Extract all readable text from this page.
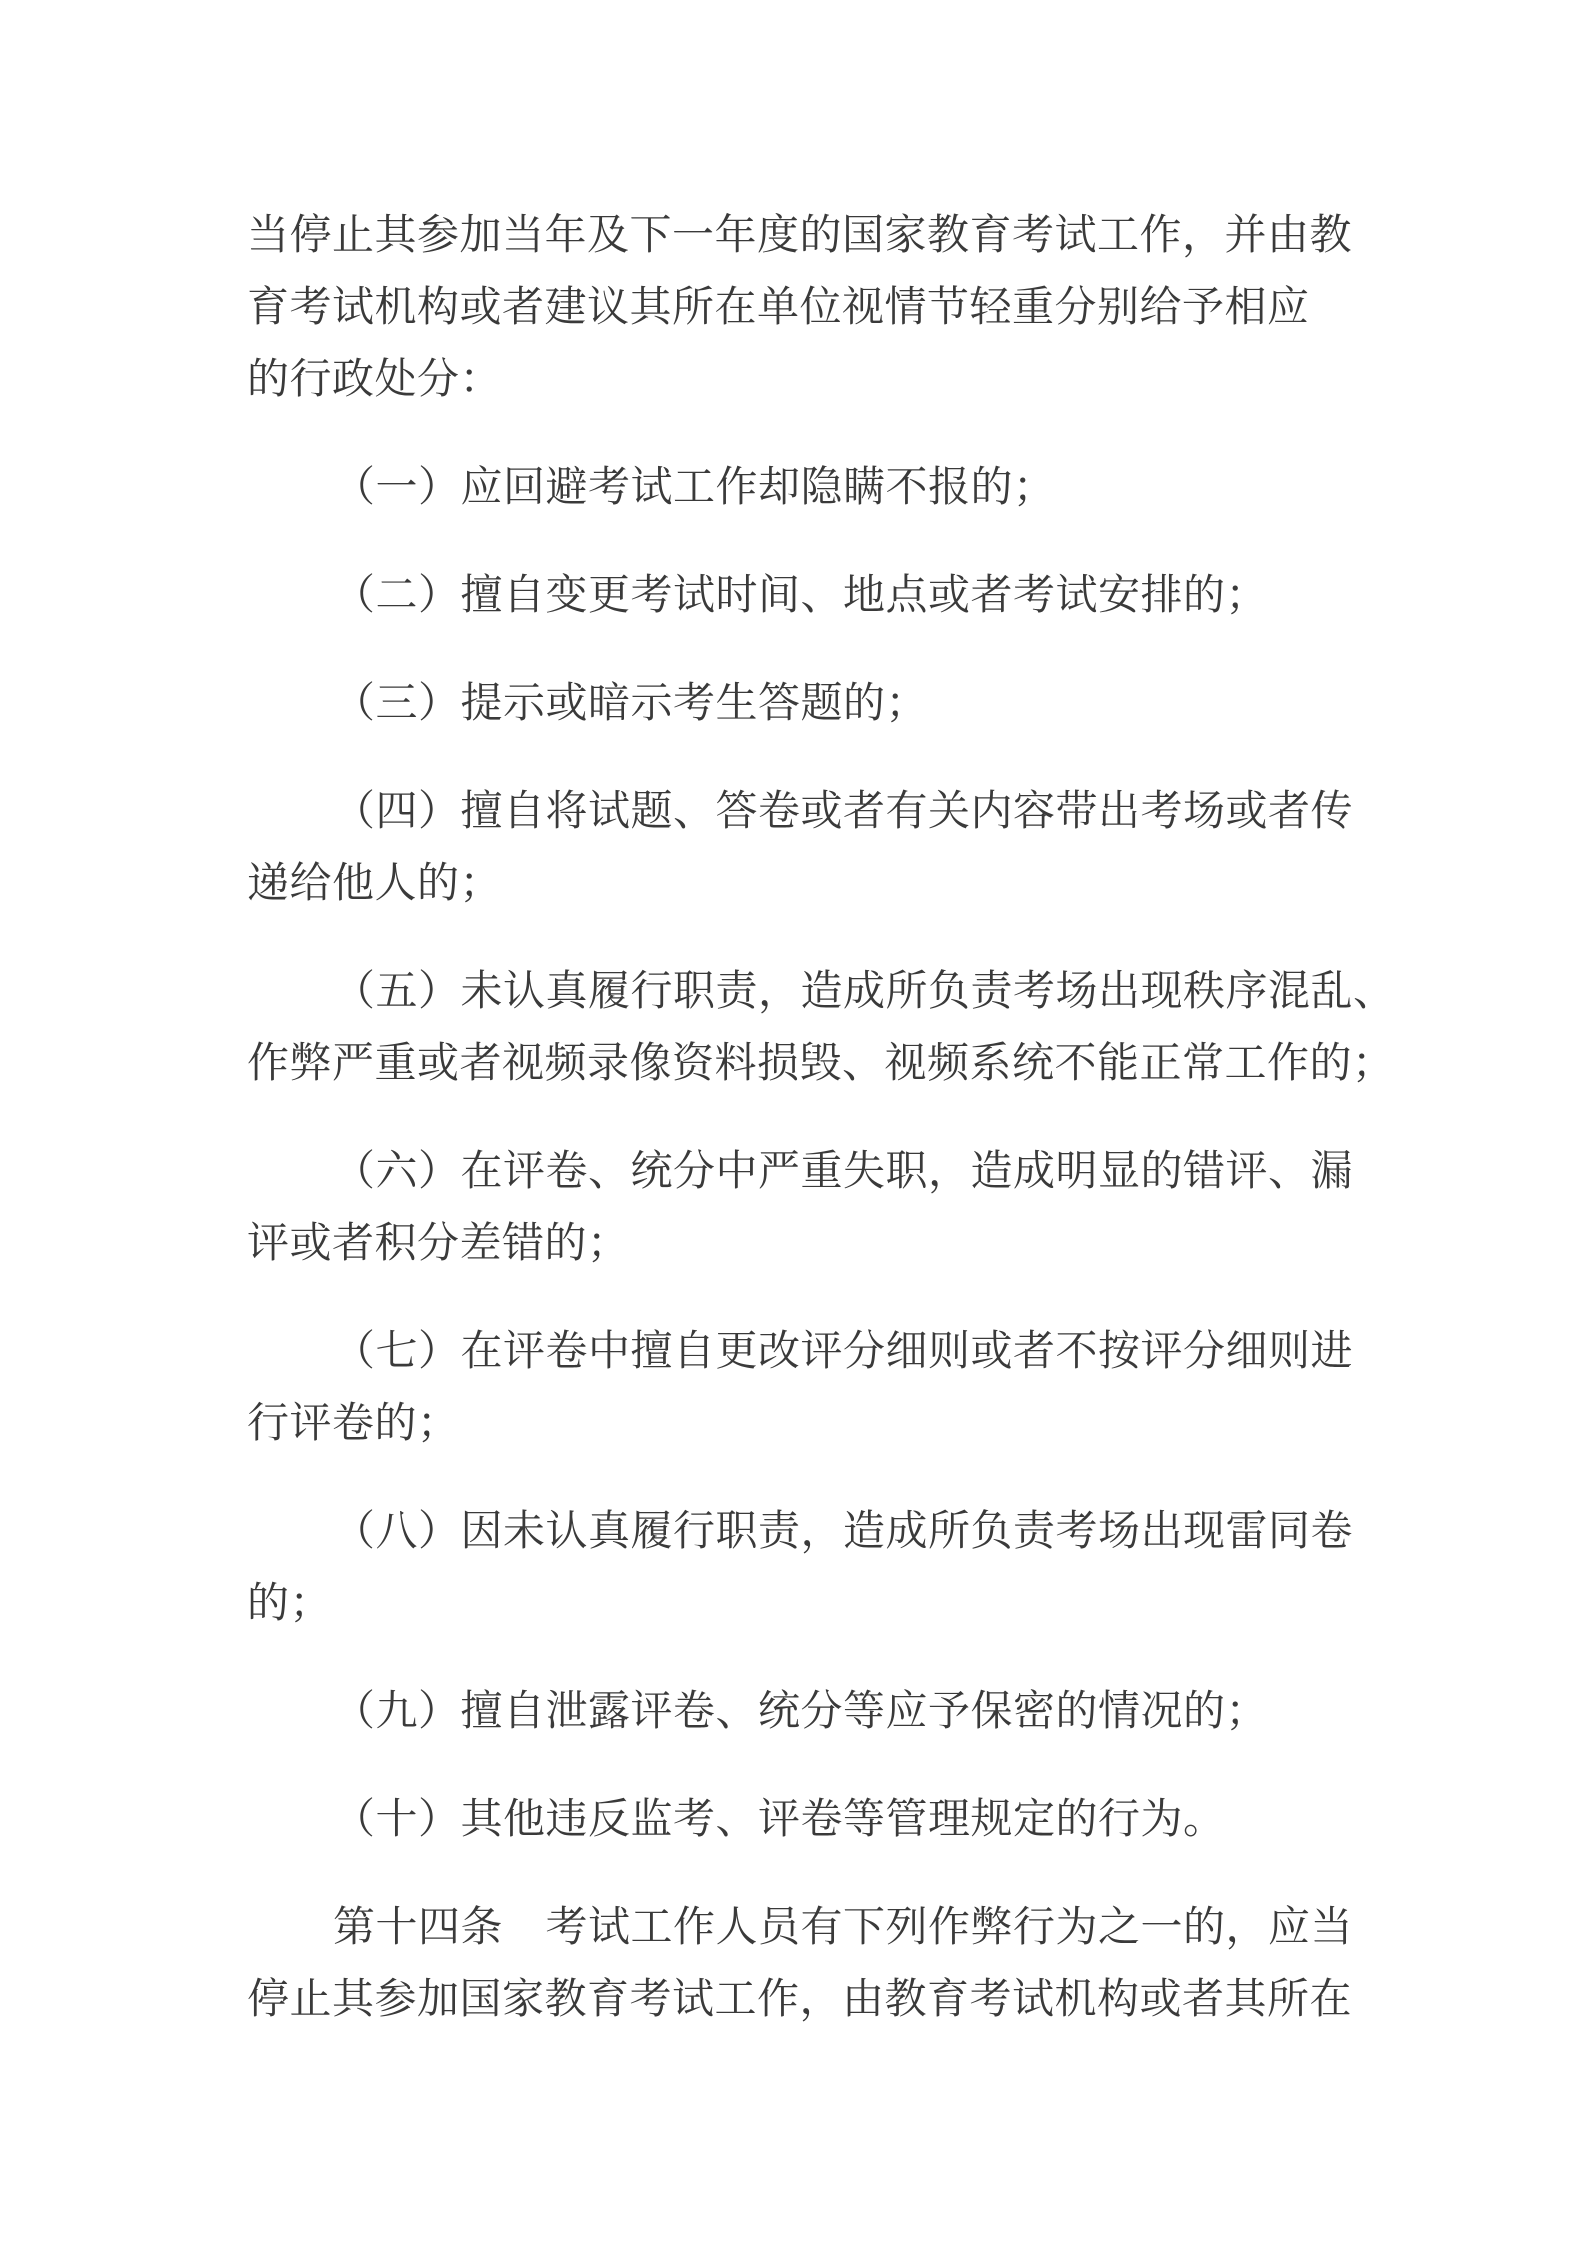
当停止其参加当年及下一年度的国家教育考试工作，并由教
育考试机构或者建议其所在单位视情节轻重分别给予相应
的行政处分：

（一）应回避考试工作却隐瞒不报的；

（二）擅自变更考试时间、地点或者考试安排的；

（三）提示或暗示考生答题的；

（四）擅自将试题、答卷或者有关内容带出考场或者传
递给他人的；

（五）未认真履行职责，造成所负责考场出现秩序混乱、
作弊严重或者视频录像资料损毁、视频系统不能正常工作的；

（六）在评卷、统分中严重失职，造成明显的错评、漏
评或者积分差错的；

（七）在评卷中擅自更改评分细则或者不按评分细则进
行评卷的；

（八）因未认真履行职责，造成所负责考场出现雷同卷
的；

（九）擅自泄露评卷、统分等应予保密的情况的；

（十）其他违反监考、评卷等管理规定的行为。

第十四条　考试工作人员有下列作弊行为之一的，应当
停止其参加国家教育考试工作，由教育考试机构或者其所在
